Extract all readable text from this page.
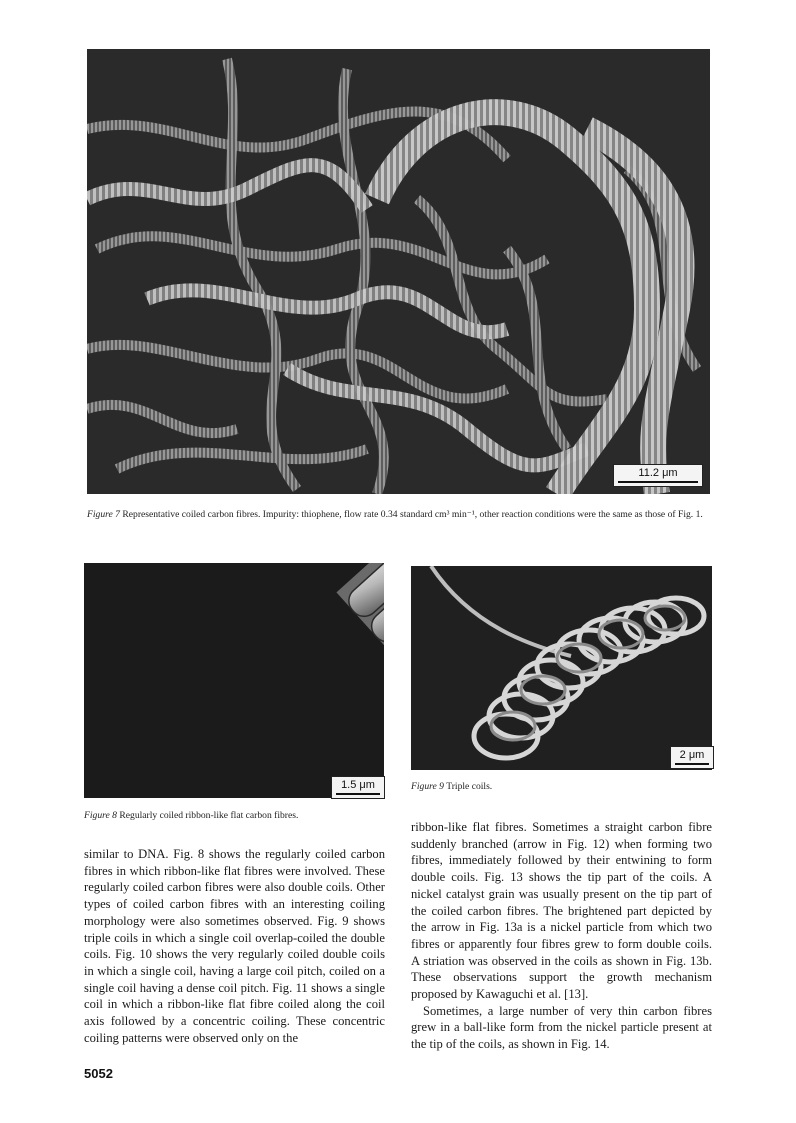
11.2 μm
Figure 7 Representative coiled carbon fibres. Impurity: thiophene, flow rate 0.34 standard cm³ min⁻¹, other reaction conditions were the same as those of Fig. 1.
1.5 μm
Figure 8 Regularly coiled ribbon-like flat carbon fibres.
2 μm
Figure 9 Triple coils.

similar to DNA. Fig. 8 shows the regularly coiled carbon fibres in which ribbon-like flat fibres were involved. These regularly coiled carbon fibres were also double coils. Other types of coiled carbon fibres with an interesting coiling morphology were also sometimes observed. Fig. 9 shows triple coils in which a single coil overlap-coiled the double coils. Fig. 10 shows the very regularly coiled double coils in which a single coil, having a large coil pitch, coiled on a single coil having a dense coil pitch. Fig. 11 shows a single coil in which a ribbon-like flat fibre coiled along the coil axis followed by a concentric coiling. These concentric coiling patterns were observed only on the

ribbon-like flat fibres. Sometimes a straight carbon fibre suddenly branched (arrow in Fig. 12) when forming two fibres, immediately followed by their entwining to form double coils. Fig. 13 shows the tip part of the coils. A nickel catalyst grain was usually present on the tip part of the coiled carbon fibres. The brightened part depicted by the arrow in Fig. 13a is a nickel particle from which two fibres or apparently four fibres grew to form double coils. A striation was observed in the coils as shown in Fig. 13b. These observations support the growth mechanism proposed by Kawaguchi et al. [13].

Sometimes, a large number of very thin carbon fibres grew in a ball-like form from the nickel particle present at the tip of the coils, as shown in Fig. 14.

5052
